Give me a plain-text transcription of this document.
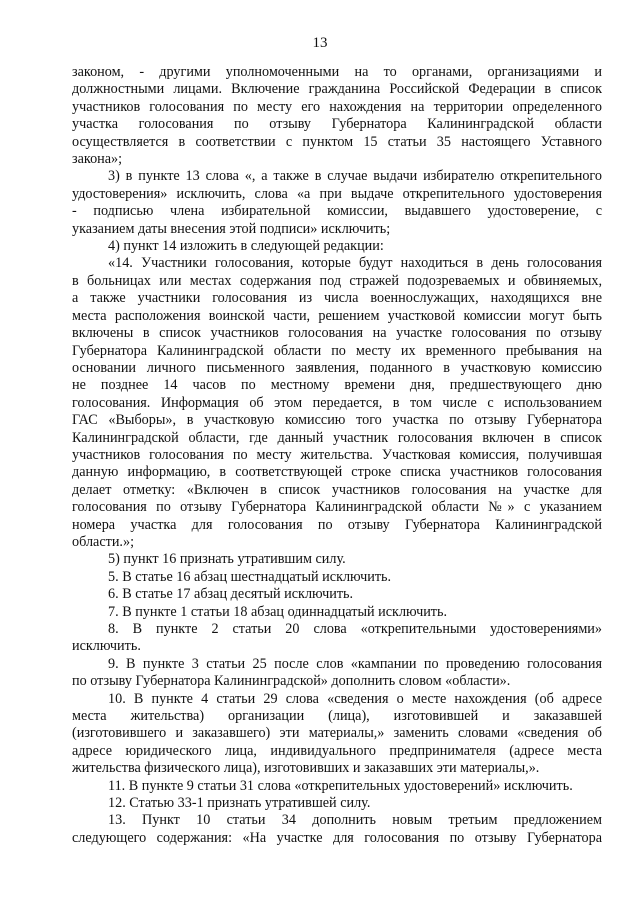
13
законом, - другими уполномоченными на то органами, организациями и
должностными лицами. Включение гражданина Российской Федерации в список
участников голосования по месту его нахождения на территории определенного
участка голосования по отзыву Губернатора Калининградской области
осуществляется в соответствии с пунктом 15 статьи 35 настоящего Уставного
закона»;
3) в пункте 13 слова «, а также в случае выдачи избирателю открепительного
удостоверения» исключить, слова «а при выдаче открепительного удостоверения
- подписью члена избирательной комиссии, выдавшего удостоверение, с
указанием даты внесения этой подписи» исключить;
4) пункт 14 изложить в следующей редакции:
«14. Участники голосования, которые будут находиться в день голосования
в больницах или местах содержания под стражей подозреваемых и обвиняемых,
а также участники голосования из числа военнослужащих, находящихся вне
места расположения воинской части, решением участковой комиссии могут быть
включены в список участников голосования на участке голосования по отзыву
Губернатора Калининградской области по месту их временного пребывания на
основании личного письменного заявления, поданного в участковую комиссию
не позднее 14 часов по местному времени дня, предшествующего дню
голосования. Информация об этом передается, в том числе с использованием
ГАС «Выборы», в участковую комиссию того участка по отзыву Губернатора
Калининградской области, где данный участник голосования включен в список
участников голосования по месту жительства. Участковая комиссия, получившая
данную информацию, в соответствующей строке списка участников голосования
делает отметку: «Включен в список участников голосования на участке для
голосования по отзыву Губернатора Калининградской области №» с указанием
номера участка для голосования по отзыву Губернатора Калининградской
области.»;
5) пункт 16 признать утратившим силу.
5. В статье 16 абзац шестнадцатый исключить.
6. В статье 17 абзац десятый исключить.
7. В пункте 1 статьи 18 абзац одиннадцатый исключить.
8. В пункте 2 статьи 20 слова «открепительными удостоверениями»
исключить.
9. В пункте 3 статьи 25 после слов «кампании по проведению голосования
по отзыву Губернатора Калининградской» дополнить словом «области».
10. В пункте 4 статьи 29 слова «сведения о месте нахождения (об адресе
места жительства) организации (лица), изготовившей и заказавшей
(изготовившего и заказавшего) эти материалы,» заменить словами «сведения об
адресе юридического лица, индивидуального предпринимателя (адресе места
жительства физического лица), изготовивших и заказавших эти материалы,».
11. В пункте 9 статьи 31 слова «открепительных удостоверений» исключить.
12. Статью 33-1 признать утратившей силу.
13. Пункт 10 статьи 34 дополнить новым третьим предложением
следующего содержания: «На участке для голосования по отзыву Губернатора
